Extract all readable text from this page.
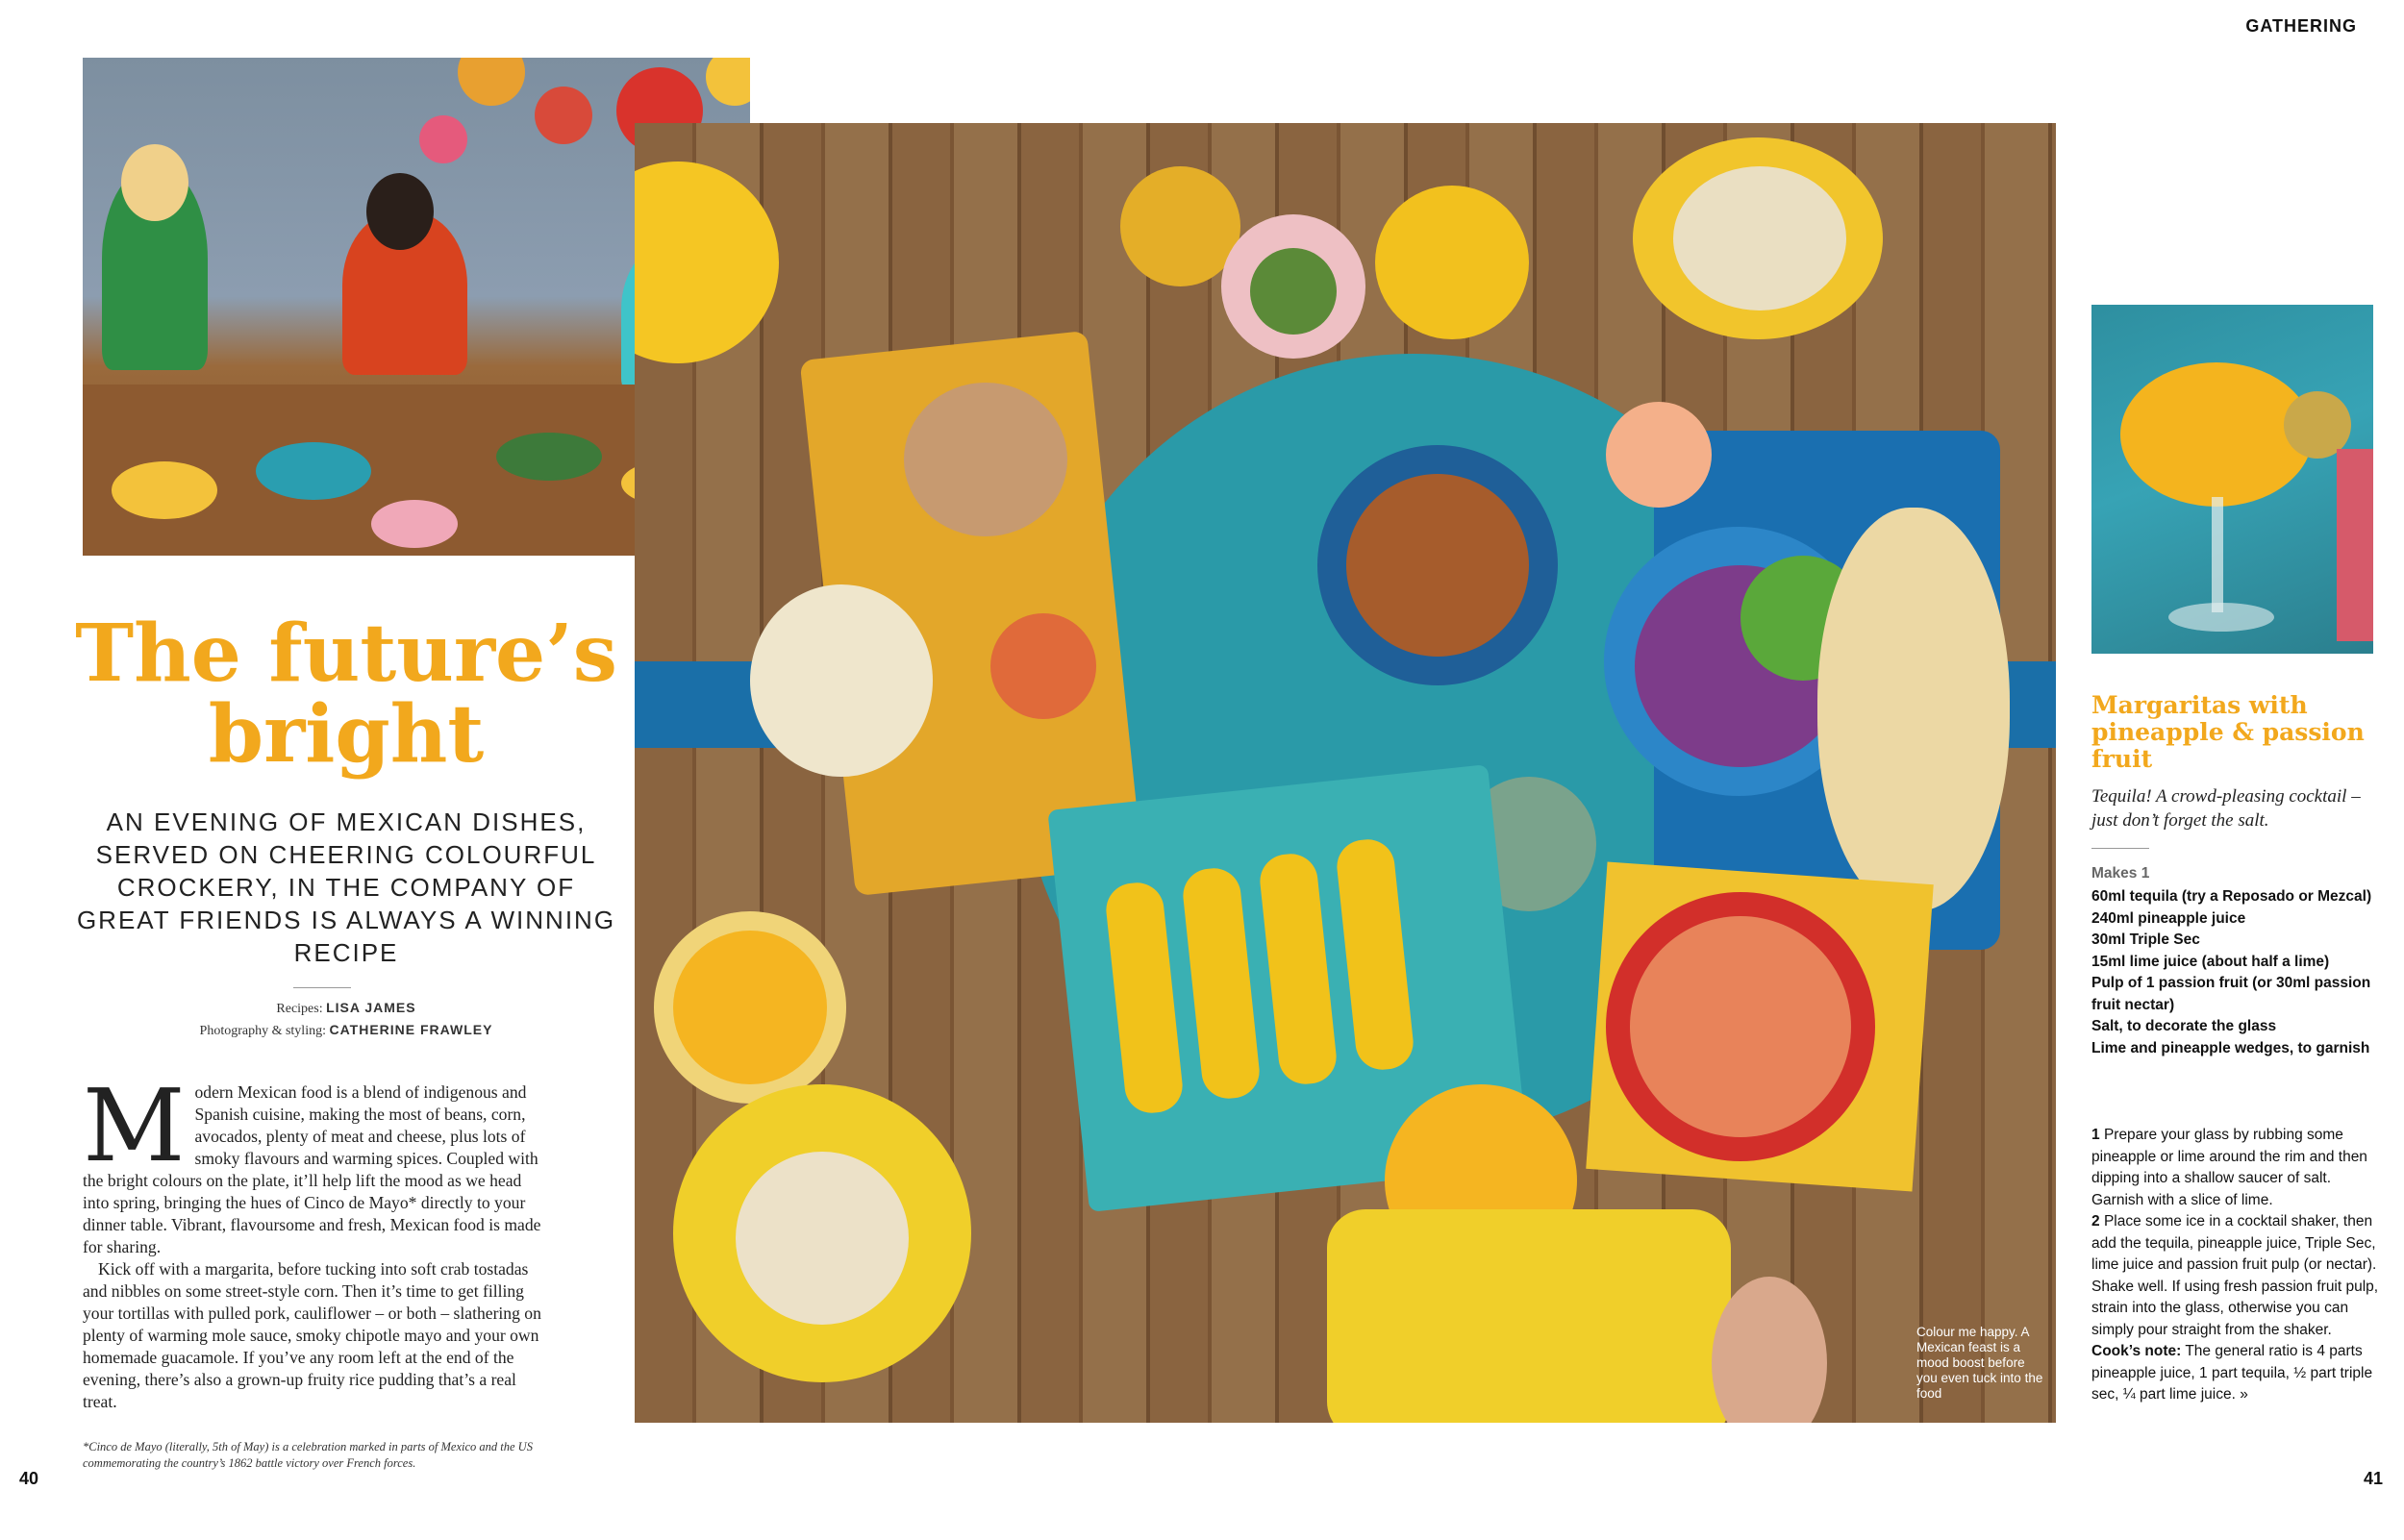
GATHERING
Colour me happy. A Mexican feast is a mood boost before you even tuck into the food
The future’s bright

AN EVENING OF MEXICAN DISHES, SERVED ON CHEERING COLOURFUL CROCKERY, IN THE COMPANY OF GREAT FRIENDS IS ALWAYS A WINNING RECIPE

Recipes: LISA JAMES
Photography & styling: CATHERINE FRAWLEY
M odern Mexican food is a blend of indigenous and Spanish cuisine, making the most of beans, corn, avocados, plenty of meat and cheese, plus lots of smoky flavours and warming spices. Coupled with the bright colours on the plate, it’ll help lift the mood as we head into spring, bringing the hues of Cinco de Mayo* directly to your dinner table. Vibrant, flavoursome and fresh, Mexican food is made for sharing.

Kick off with a margarita, before tucking into soft crab tostadas and nibbles on some street-style corn. Then it’s time to get filling your tortillas with pulled pork, cauliflower – or both – slathering on plenty of warming mole sauce, smoky chipotle mayo and your own homemade guacamole. If you’ve any room left at the end of the evening, there’s also a grown-up fruity rice pudding that’s a real treat.

*Cinco de Mayo (literally, 5th of May) is a celebration marked in parts of Mexico and the US commemorating the country’s 1862 battle victory over French forces.
Margaritas with pineapple & passion fruit
Tequila! A crowd-pleasing cocktail – just don’t forget the salt.
Makes 1
60ml tequila (try a Reposado or Mezcal)
240ml pineapple juice
30ml Triple Sec
15ml lime juice (about half a lime)
Pulp of 1 passion fruit (or 30ml passion fruit nectar)
Salt, to decorate the glass
Lime and pineapple wedges, to garnish

1 Prepare your glass by rubbing some pineapple or lime around the rim and then dipping into a shallow saucer of salt. Garnish with a slice of lime.

2 Place some ice in a cocktail shaker, then add the tequila, pineapple juice, Triple Sec, lime juice and passion fruit pulp (or nectar). Shake well. If using fresh passion fruit pulp, strain into the glass, otherwise you can simply pour straight from the shaker.

Cook’s note: The general ratio is 4 parts pineapple juice, 1 part tequila, ½ part triple sec, ¼ part lime juice. »

40	41
